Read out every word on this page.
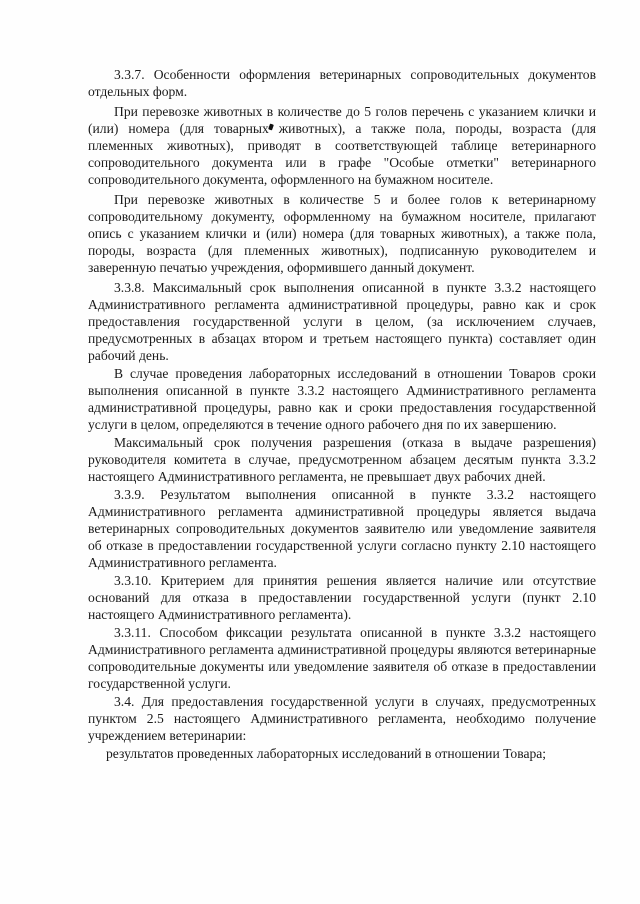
3.3.7. Особенности оформления ветеринарных сопроводительных документов отдельных форм.

При перевозке животных в количестве до 5 голов перечень с указанием клички и (или) номера (для товарных животных), а также пола, породы, возраста (для племенных животных), приводят в соответствующей таблице ветеринарного сопроводительного документа или в графе "Особые отметки" ветеринарного сопроводительного документа, оформленного на бумажном носителе.

При перевозке животных в количестве 5 и более голов к ветеринарному сопроводительному документу, оформленному на бумажном носителе, прилагают опись с указанием клички и (или) номера (для товарных животных), а также пола, породы, возраста (для племенных животных), подписанную руководителем и заверенную печатью учреждения, оформившего данный документ.

3.3.8. Максимальный срок выполнения описанной в пункте 3.3.2 настоящего Административного регламента административной процедуры, равно как и срок предоставления государственной услуги в целом, (за исключением случаев, предусмотренных в абзацах втором и третьем настоящего пункта) составляет один рабочий день.

В случае проведения лабораторных исследований в отношении Товаров сроки выполнения описанной в пункте 3.3.2 настоящего Административного регламента административной процедуры, равно как и сроки предоставления государственной услуги в целом, определяются в течение одного рабочего дня по их завершению.

Максимальный срок получения разрешения (отказа в выдаче разрешения) руководителя комитета в случае, предусмотренном абзацем десятым пункта 3.3.2 настоящего Административного регламента, не превышает двух рабочих дней.

3.3.9. Результатом выполнения описанной в пункте 3.3.2 настоящего Административного регламента административной процедуры является выдача ветеринарных сопроводительных документов заявителю или уведомление заявителя об отказе в предоставлении государственной услуги согласно пункту 2.10 настоящего Административного регламента.

3.3.10. Критерием для принятия решения является наличие или отсутствие оснований для отказа в предоставлении государственной услуги (пункт 2.10 настоящего Административного регламента).

3.3.11. Способом фиксации результата описанной в пункте 3.3.2 настоящего Административного регламента административной процедуры являются ветеринарные сопроводительные документы или уведомление заявителя об отказе в предоставлении государственной услуги.

3.4. Для предоставления государственной услуги в случаях, предусмотренных пунктом 2.5 настоящего Административного регламента, необходимо получение учреждением ветеринарии:

результатов проведенных лабораторных исследований в отношении Товара;
